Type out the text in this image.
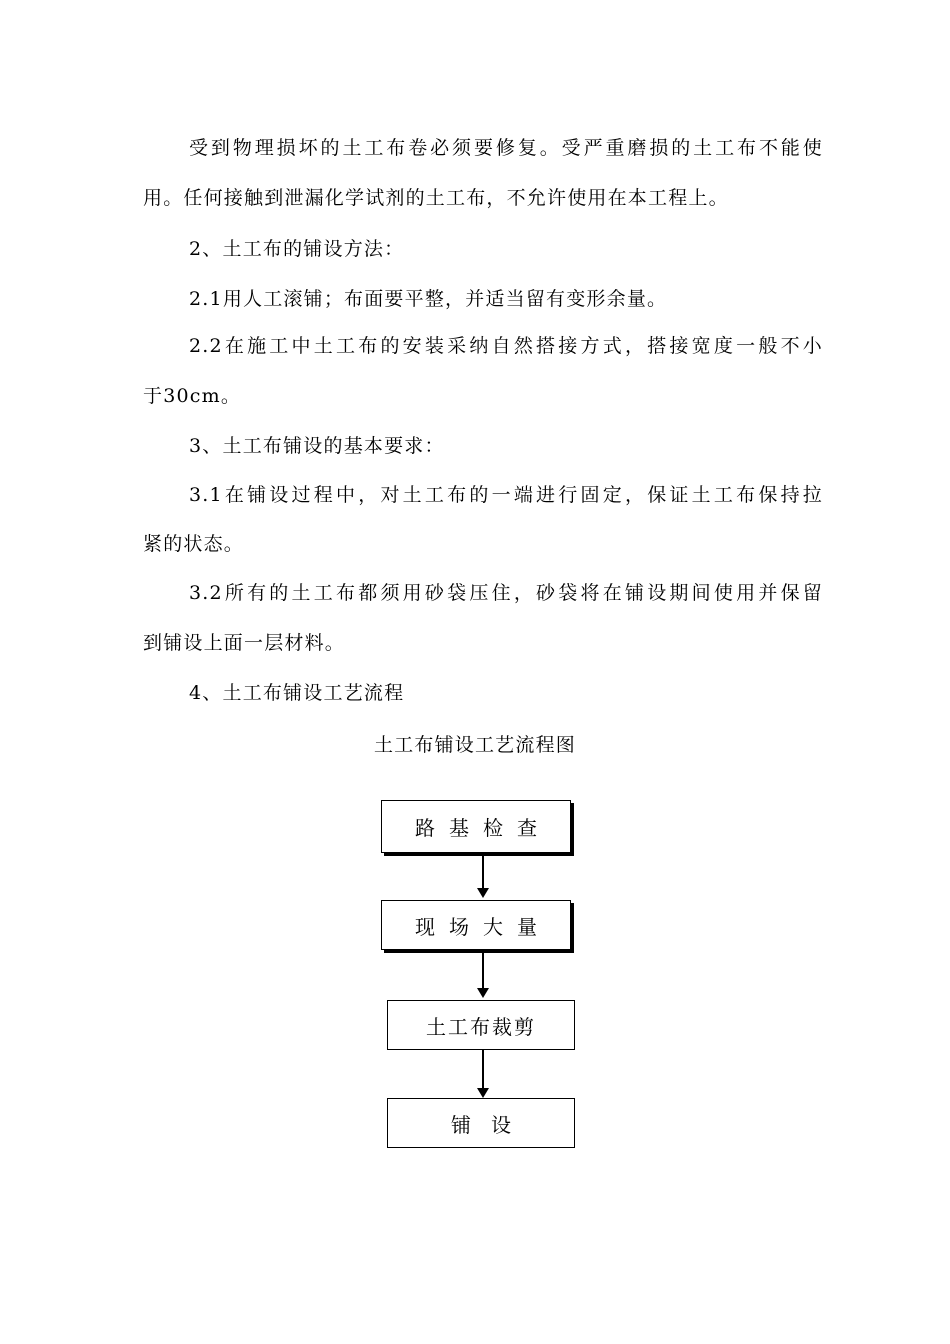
受到物理损坏的土工布卷必须要修复。受严重磨损的土工布不能使
用。任何接触到泄漏化学试剂的土工布，不允许使用在本工程上。
2、土工布的铺设方法：
2.1用人工滚铺；布面要平整，并适当留有变形余量。
2.2在施工中土工布的安装采纳自然搭接方式，搭接宽度一般不小
于30cm。
3、土工布铺设的基本要求：
3.1在铺设过程中，对土工布的一端进行固定，保证土工布保持拉
紧的状态。
3.2所有的土工布都须用砂袋压住，砂袋将在铺设期间使用并保留
到铺设上面一层材料。
4、土工布铺设工艺流程
土工布铺设工艺流程图
路基检查
现场大量
土工布裁剪
铺设
